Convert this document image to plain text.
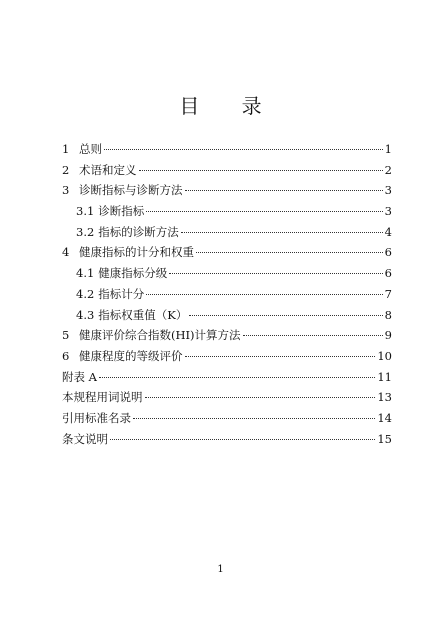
目 录
1 总则	1
2 术语和定义	2
3 诊断指标与诊断方法	3
3.1 诊断指标	3
3.2 指标的诊断方法	4
4 健康指标的计分和权重	6
4.1 健康指标分级	6
4.2 指标计分	7
4.3 指标权重值（K）	8
5 健康评价综合指数(HI)计算方法	9
6 健康程度的等级评价	10
附表 A	11
本规程用词说明	13
引用标准名录	14
条文说明	15
1
